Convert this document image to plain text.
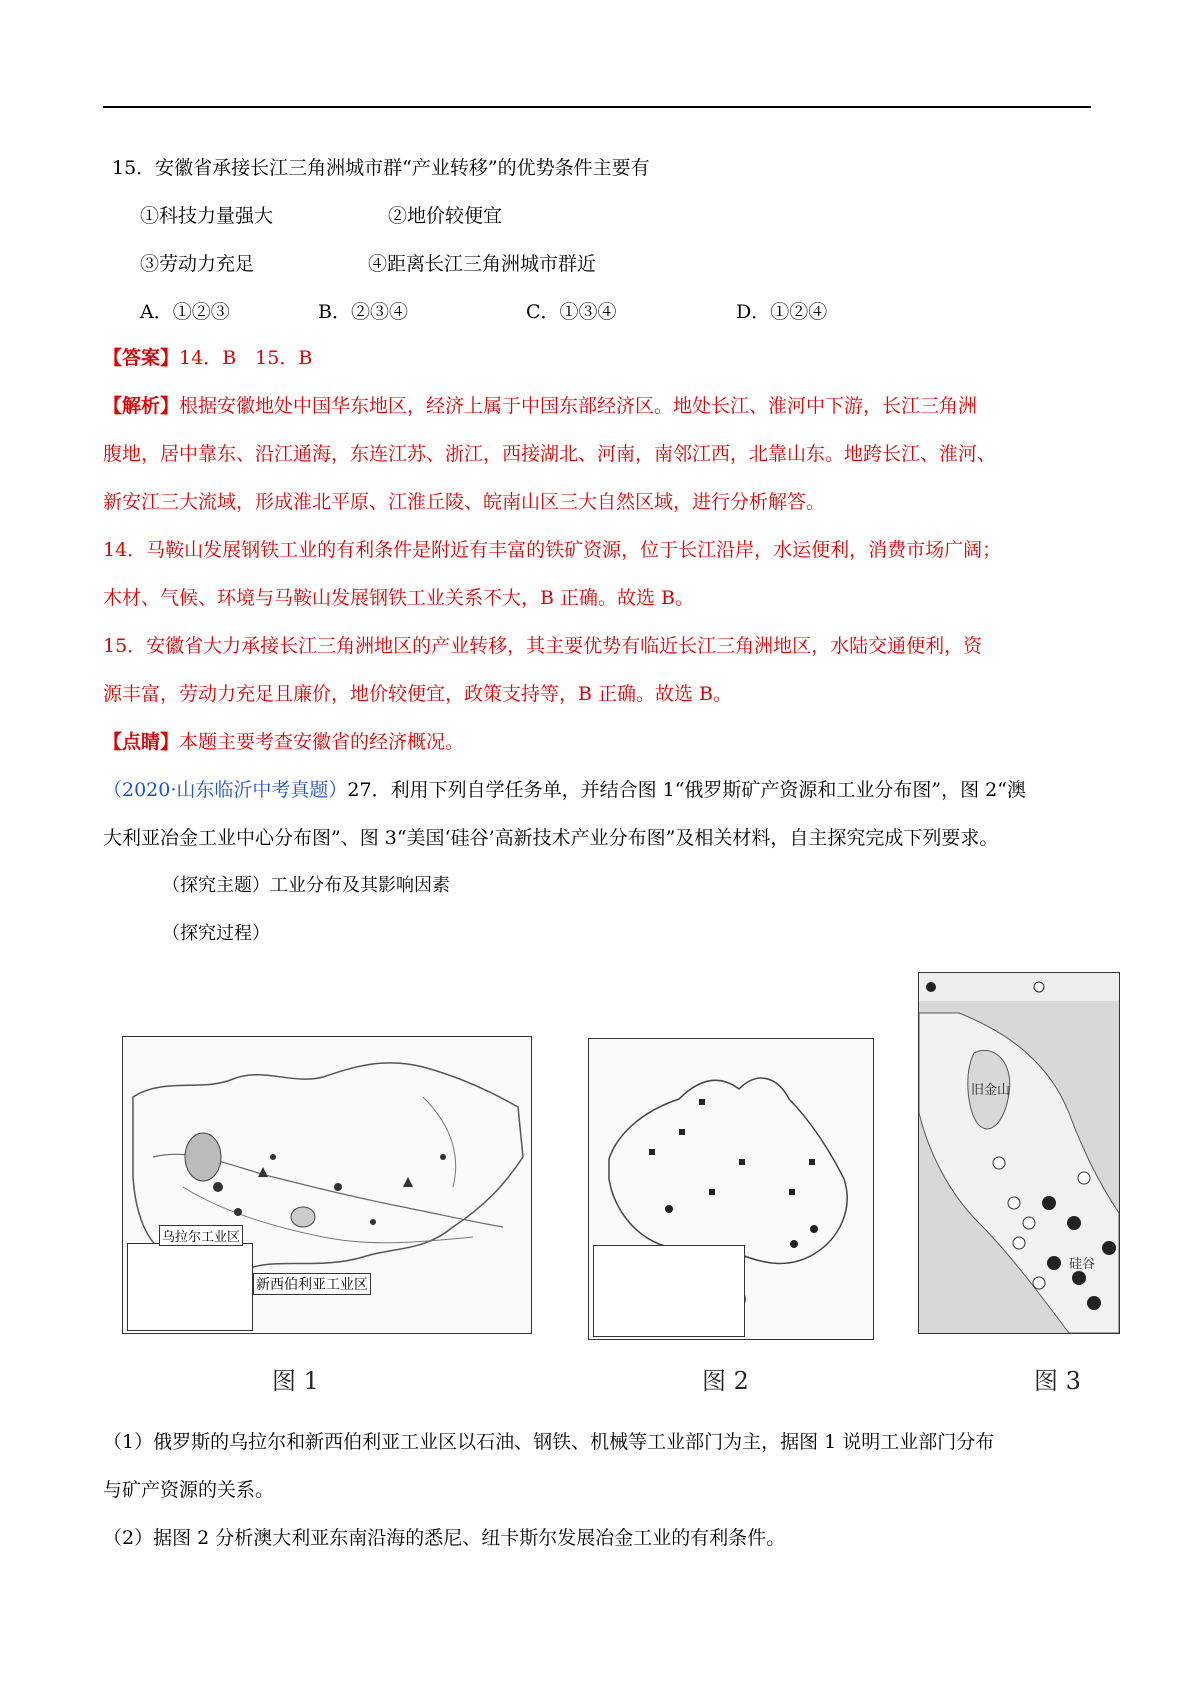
15．安徽省承接长江三角洲城市群“产业转移”的优势条件主要有
①科技力量强大	②地价较便宜
③劳动力充足	④距离长江三角洲城市群近
A．①②③	B．②③④	C．①③④	D．①②④
【答案】14．B　15．B
【解析】根据安徽地处中国华东地区，经济上属于中国东部经济区。地处长江、淮河中下游，长江三角洲
腹地，居中靠东、沿江通海，东连江苏、浙江，西接湖北、河南，南邻江西，北靠山东。地跨长江、淮河、
新安江三大流域，形成淮北平原、江淮丘陵、皖南山区三大自然区域，进行分析解答。
14．马鞍山发展钢铁工业的有利条件是附近有丰富的铁矿资源，位于长江沿岸，水运便利，消费市场广阔；
木材、气候、环境与马鞍山发展钢铁工业关系不大，B 正确。故选 B。
15．安徽省大力承接长江三角洲地区的产业转移，其主要优势有临近长江三角洲地区，水陆交通便利，资
源丰富，劳动力充足且廉价，地价较便宜，政策支持等，B 正确。故选 B。
【点睛】本题主要考查安徽省的经济概况。
（2020·山东临沂中考真题）27．利用下列自学任务单，并结合图 1“俄罗斯矿产资源和工业分布图”，图 2“澳
大利亚冶金工业中心分布图”、图 3“美国‘硅谷’高新技术产业分布图”及相关材料，自主探究完成下列要求。
（探究主题）工业分布及其影响因素
（探究过程）
乌拉尔工业区
新西伯利亚工业区
图 1	图 2
旧金山
硅谷
图 3
（1）俄罗斯的乌拉尔和新西伯利亚工业区以石油、钢铁、机械等工业部门为主，据图 1 说明工业部门分布
与矿产资源的关系。
（2）据图 2 分析澳大利亚东南沿海的悉尼、纽卡斯尔发展冶金工业的有利条件。
